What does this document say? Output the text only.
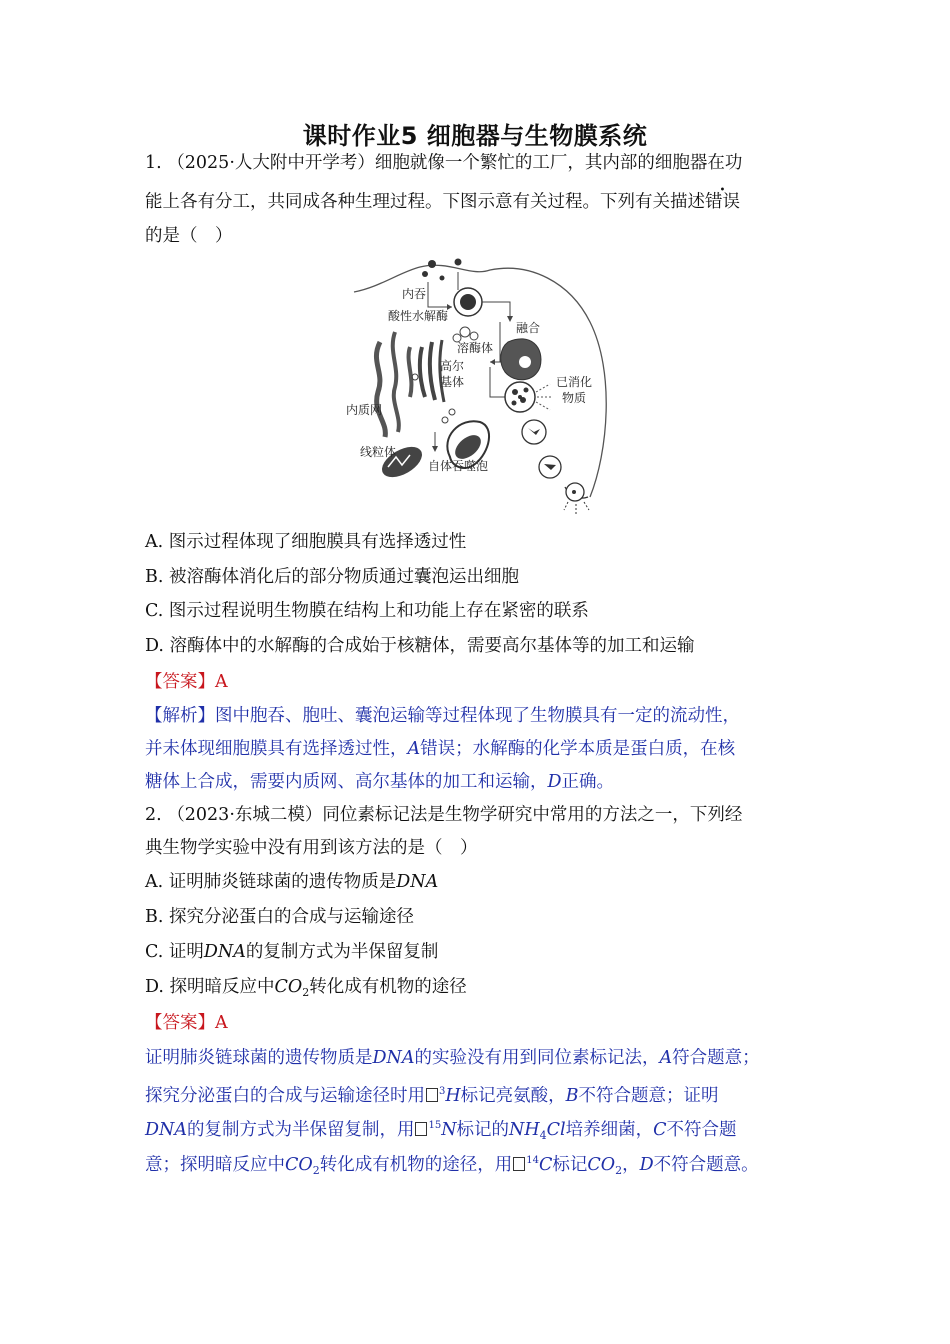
课时作业5 细胞器与生物膜系统
1. （2025·人大附中开学考）细胞就像一个繁忙的工厂，其内部的细胞器在功
能上各有分工，共同成各种生理过程。下图示意有关过程。下列有关描述错误
的是（　）
内吞
酸性水解酶
融合
溶酶体
高尔
基体	已消化
物质
内质网
线粒体
自体吞噬泡
A. 图示过程体现了细胞膜具有选择透过性
B. 被溶酶体消化后的部分物质通过囊泡运出细胞
C. 图示过程说明生物膜在结构上和功能上存在紧密的联系
D. 溶酶体中的水解酶的合成始于核糖体，需要高尔基体等的加工和运输
【答案】A
【解析】图中胞吞、胞吐、囊泡运输等过程体现了生物膜具有一定的流动性，
并未体现细胞膜具有选择透过性，A错误；水解酶的化学本质是蛋白质，在核
糖体上合成，需要内质网、高尔基体的加工和运输，D正确。
2. （2023·东城二模）同位素标记法是生物学研究中常用的方法之一，下列经
典生物学实验中没有用到该方法的是（　）
A. 证明肺炎链球菌的遗传物质是DNA
B. 探究分泌蛋白的合成与运输途径
C. 证明DNA的复制方式为半保留复制
D. 探明暗反应中$CO_2$转化成有机物的途径
【答案】A
证明肺炎链球菌的遗传物质是DNA的实验没有用到同位素标记法，A符合题意；
探究分泌蛋白的合成与运输途径时用 $^3$H标记亮氨酸，B不符合题意；证明
DNA的复制方式为半保留复制，用 $^{15}$N标记的$NH_4Cl$培养细菌，C不符合题
意；探明暗反应中$CO_2$转化成有机物的途径，用 $^{14}$C标记$CO_2$，D不符合题意。
